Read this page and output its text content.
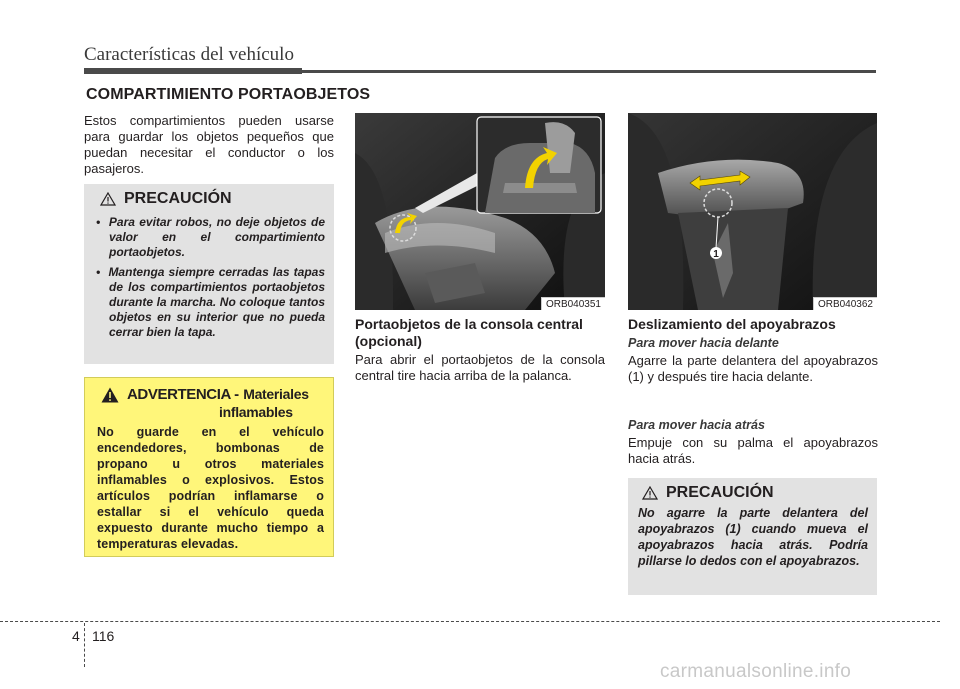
Características del vehículo
COMPARTIMIENTO PORTAOBJETOS
Estos compartimientos pueden usarse para guardar los objetos pequeños que puedan necesitar el conductor o los pasajeros.
PRECAUCIÓN
•  Para evitar robos, no deje objetos de valor en el compartimiento portaobjetos.
•  Mantenga siempre cerradas las tapas de los compartimientos portaobjetos durante la marcha. No coloque tantos objetos en su interior que no pueda cerrar bien la tapa.
ADVERTENCIA - Materiales
inflamables
No guarde en el vehículo encendedores, bombonas de propano u otros materiales inflamables o explosivos. Estos artículos podrían inflamarse o estallar si el vehículo queda expuesto durante mucho tiempo a temperaturas elevadas.
ORB040351
Portaobjetos de la consola central (opcional)
Para abrir el portaobjetos de la consola central tire hacia arriba de la palanca.
1
ORB040362
Deslizamiento del apoyabrazos
Para mover hacia delante
Agarre la parte delantera del apoyabrazos (1) y después tire hacia delante.
Para mover hacia atrás
Empuje con su palma el apoyabrazos hacia atrás.
PRECAUCIÓN
No agarre la parte delantera del apoyabrazos (1) cuando mueva el apoyabrazos hacia atrás. Podría pillarse lo dedos con el apoyabrazos.
4 116
carmanualsonline.info
